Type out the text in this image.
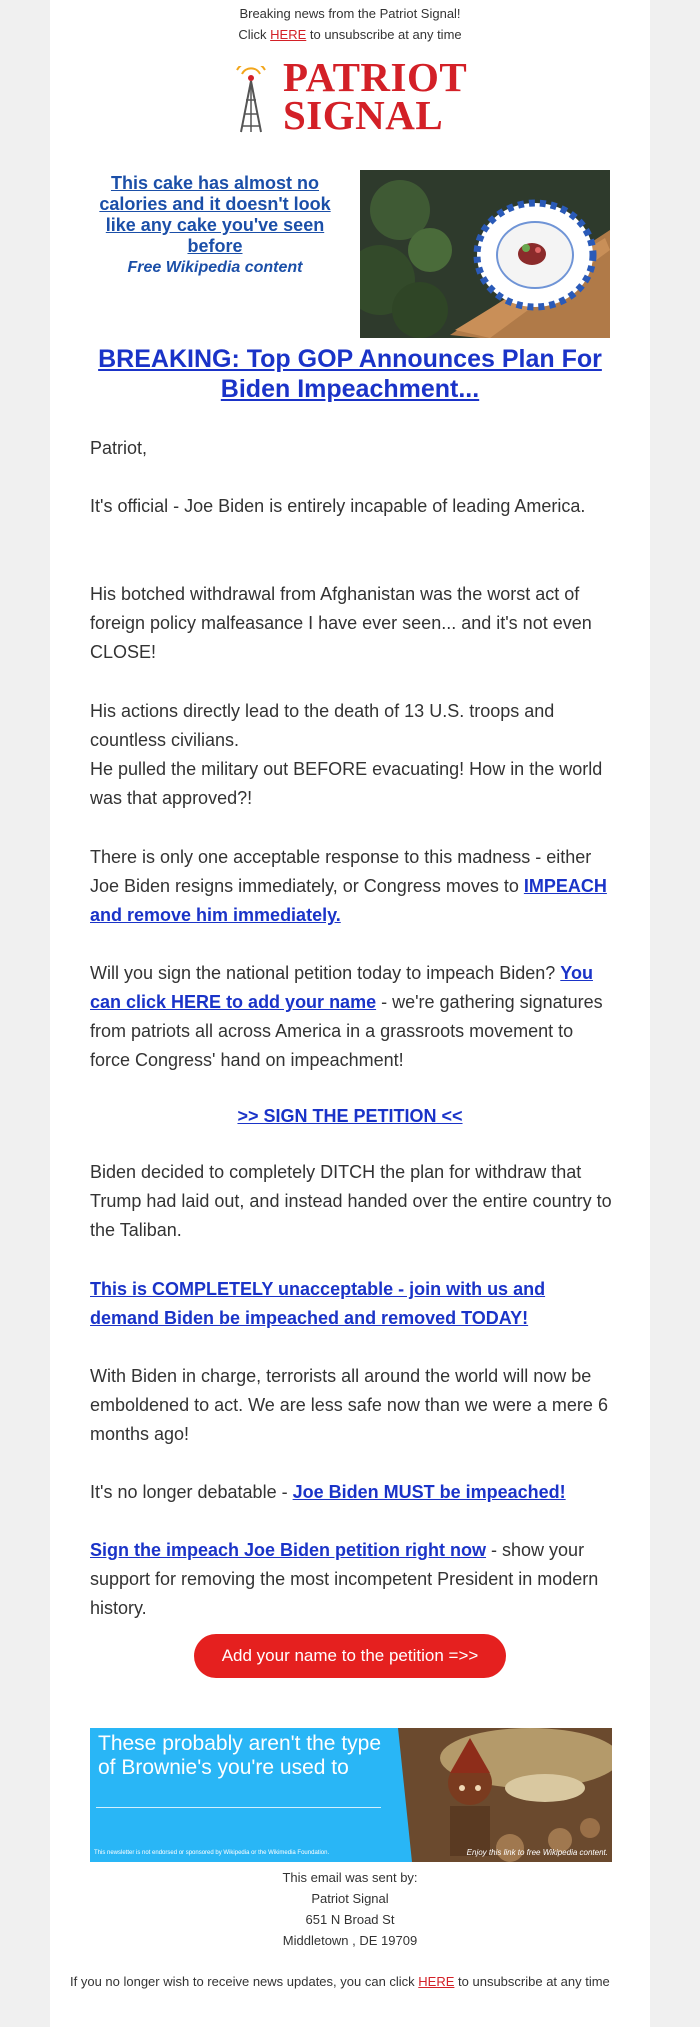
Breaking news from the Patriot Signal!
Click HERE to unsubscribe at any time
PATRIOT
SIGNAL
This cake has almost no calories and it doesn't look like any cake you've seen before
Free Wikipedia content
BREAKING: Top GOP Announces Plan For Biden Impeachment...
Patriot,
It's official - Joe Biden is entirely incapable of leading America.
His botched withdrawal from Afghanistan was the worst act of foreign policy malfeasance I have ever seen... and it's not even CLOSE!
His actions directly lead to the death of 13 U.S. troops and countless civilians.
He pulled the military out BEFORE evacuating! How in the world was that approved?!
There is only one acceptable response to this madness - either Joe Biden resigns immediately, or Congress moves to IMPEACH and remove him immediately.
Will you sign the national petition today to impeach Biden? You can click HERE to add your name - we're gathering signatures from patriots all across America in a grassroots movement to force Congress' hand on impeachment!
>> SIGN THE PETITION <<
Biden decided to completely DITCH the plan for withdraw that Trump had laid out, and instead handed over the entire country to the Taliban.
This is COMPLETELY unacceptable - join with us and demand Biden be impeached and removed TODAY!
With Biden in charge, terrorists all around the world will now be emboldened to act. We are less safe now than we were a mere 6 months ago!
It's no longer debatable - Joe Biden MUST be impeached!
Sign the impeach Joe Biden petition right now - show your support for removing the most incompetent President in modern history.
Add your name to the petition =>>
These probably aren't the type of Brownie's you're used to
This newsletter is not endorsed or sponsored by Wikipedia or the Wikimedia Foundation.	Enjoy this link to free Wikipedia content.
This email was sent by:
Patriot Signal
651 N Broad St
Middletown , DE 19709
If you no longer wish to receive news updates, you can click HERE to unsubscribe at any time
